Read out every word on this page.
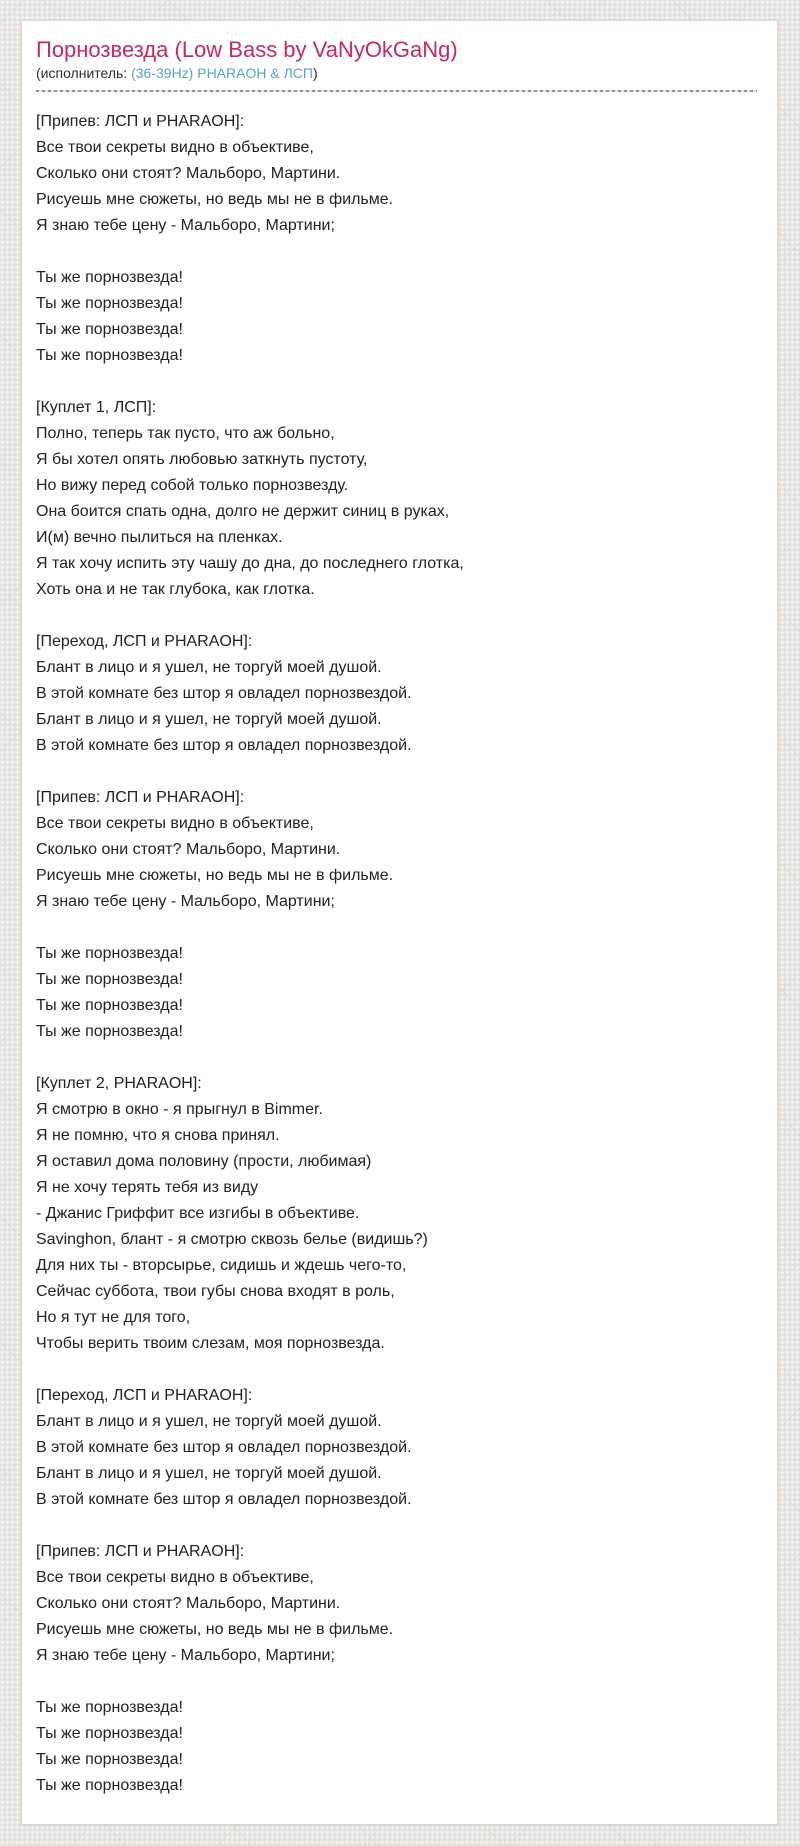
Порнозвезда (Low Bass by VaNyOkGaNg)

(исполнитель: (36-39Hz) PHARAOH & ЛСП)

[Припев: ЛСП и PHARAOH]:
Все твои секреты видно в объективе,
Сколько они стоят? Мальборо, Мартини.
Рисуешь мне сюжеты, но ведь мы не в фильме.
Я знаю тебе цену - Мальборо, Мартини;
Ты же порнозвезда!
Ты же порнозвезда!
Ты же порнозвезда!
Ты же порнозвезда!
[Куплет 1, ЛСП]:
Полно, теперь так пусто, что аж больно,
Я бы хотел опять любовью заткнуть пустоту,
Но вижу перед собой только порнозвезду.
Она боится спать одна, долго не держит синиц в руках,
И(м) вечно пылиться на пленках.
Я так хочу испить эту чашу до дна, до последнего глотка,
Хоть она и не так глубока, как глотка.
[Переход, ЛСП и PHARAOH]:
Блант в лицо и я ушел, не торгуй моей душой.
В этой комнате без штор я овладел порнозвездой.
Блант в лицо и я ушел, не торгуй моей душой.
В этой комнате без штор я овладел порнозвездой.
[Припев: ЛСП и PHARAOH]:
Все твои секреты видно в объективе,
Сколько они стоят? Мальборо, Мартини.
Рисуешь мне сюжеты, но ведь мы не в фильме.
Я знаю тебе цену - Мальборо, Мартини;
Ты же порнозвезда!
Ты же порнозвезда!
Ты же порнозвезда!
Ты же порнозвезда!
[Куплет 2, PHARAOH]:
Я смотрю в окно - я прыгнул в Bimmer.
Я не помню, что я снова принял.
Я оставил дома половину (прости, любимая)
Я не хочу терять тебя из виду
- Джанис Гриффит все изгибы в объективе.
Savinghon, блант - я смотрю сквозь белье (видишь?)
Для них ты - вторсырье, сидишь и ждешь чего-то,
Сейчас суббота, твои губы снова входят в роль,
Но я тут не для того,
Чтобы верить твоим слезам, моя порнозвезда.
[Переход, ЛСП и PHARAOH]:
Блант в лицо и я ушел, не торгуй моей душой.
В этой комнате без штор я овладел порнозвездой.
Блант в лицо и я ушел, не торгуй моей душой.
В этой комнате без штор я овладел порнозвездой.
[Припев: ЛСП и PHARAOH]:
Все твои секреты видно в объективе,
Сколько они стоят? Мальборо, Мартини.
Рисуешь мне сюжеты, но ведь мы не в фильме.
Я знаю тебе цену - Мальборо, Мартини;
Ты же порнозвезда!
Ты же порнозвезда!
Ты же порнозвезда!
Ты же порнозвезда!
